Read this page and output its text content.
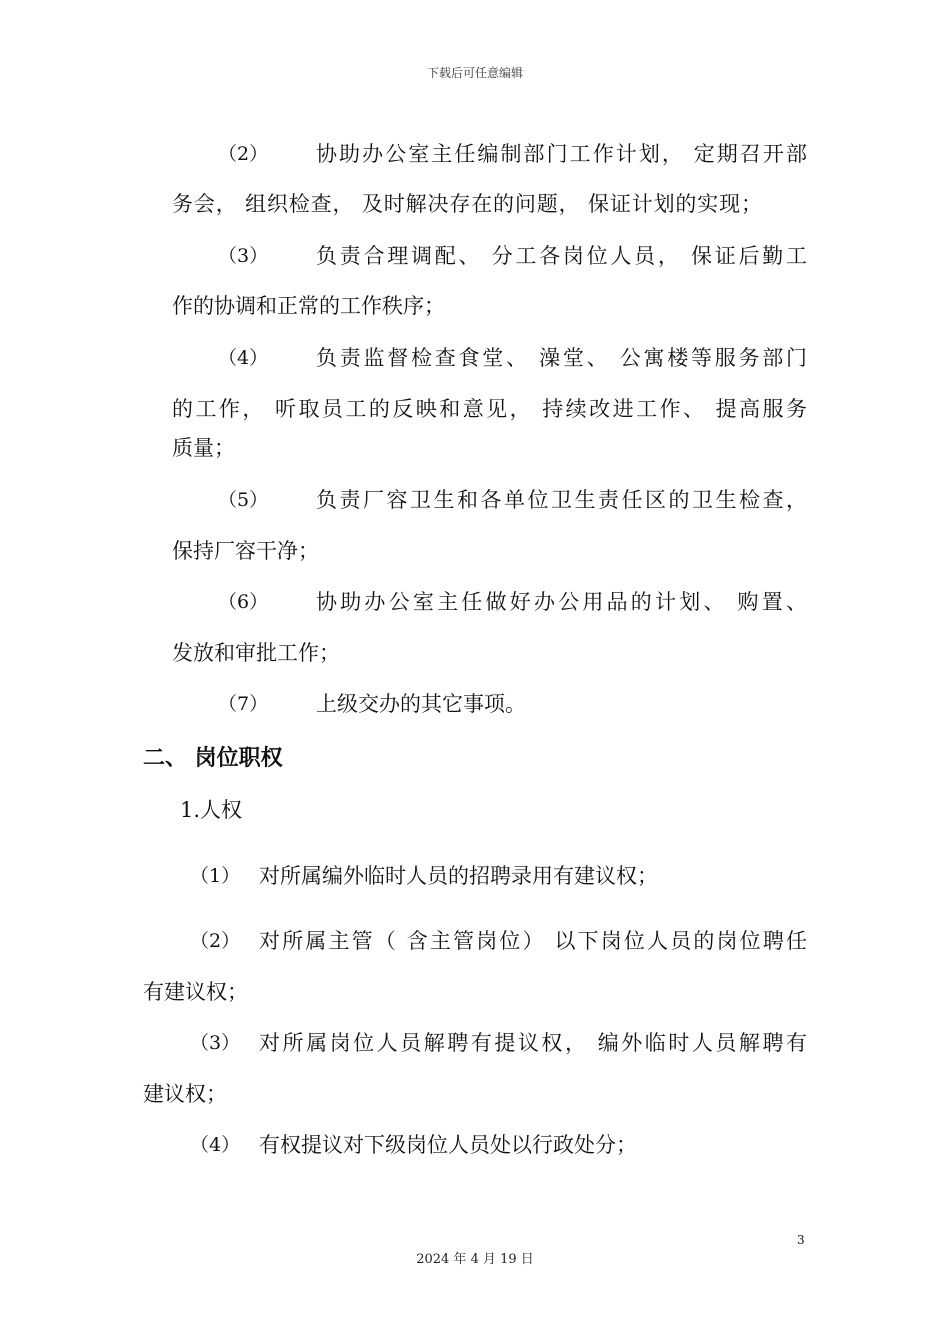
下载后可任意编辑
（2） 协助办公室主任编制部门工作计划， 定期召开部
务会， 组织检查， 及时解决存在的问题， 保证计划的实现；
（3） 负责合理调配、 分工各岗位人员， 保证后勤工
作的协调和正常的工作秩序；
（4） 负责监督检查食堂、 澡堂、 公寓楼等服务部门
的工作， 听取员工的反映和意见， 持续改进工作、 提高服务
质量；
（5） 负责厂容卫生和各单位卫生责任区的卫生检查，
保持厂容干净；
（6） 协助办公室主任做好办公用品的计划、 购置、
发放和审批工作；
（7） 上级交办的其它事项。
二、 岗位职权
1.人权
（1） 对所属编外临时人员的招聘录用有建议权；
（2） 对所属主管（ 含主管岗位） 以下岗位人员的岗位聘任
有建议权；
（3） 对所属岗位人员解聘有提议权， 编外临时人员解聘有
建议权；
（4） 有权提议对下级岗位人员处以行政处分；
3
2024 年 4 月 19 日
